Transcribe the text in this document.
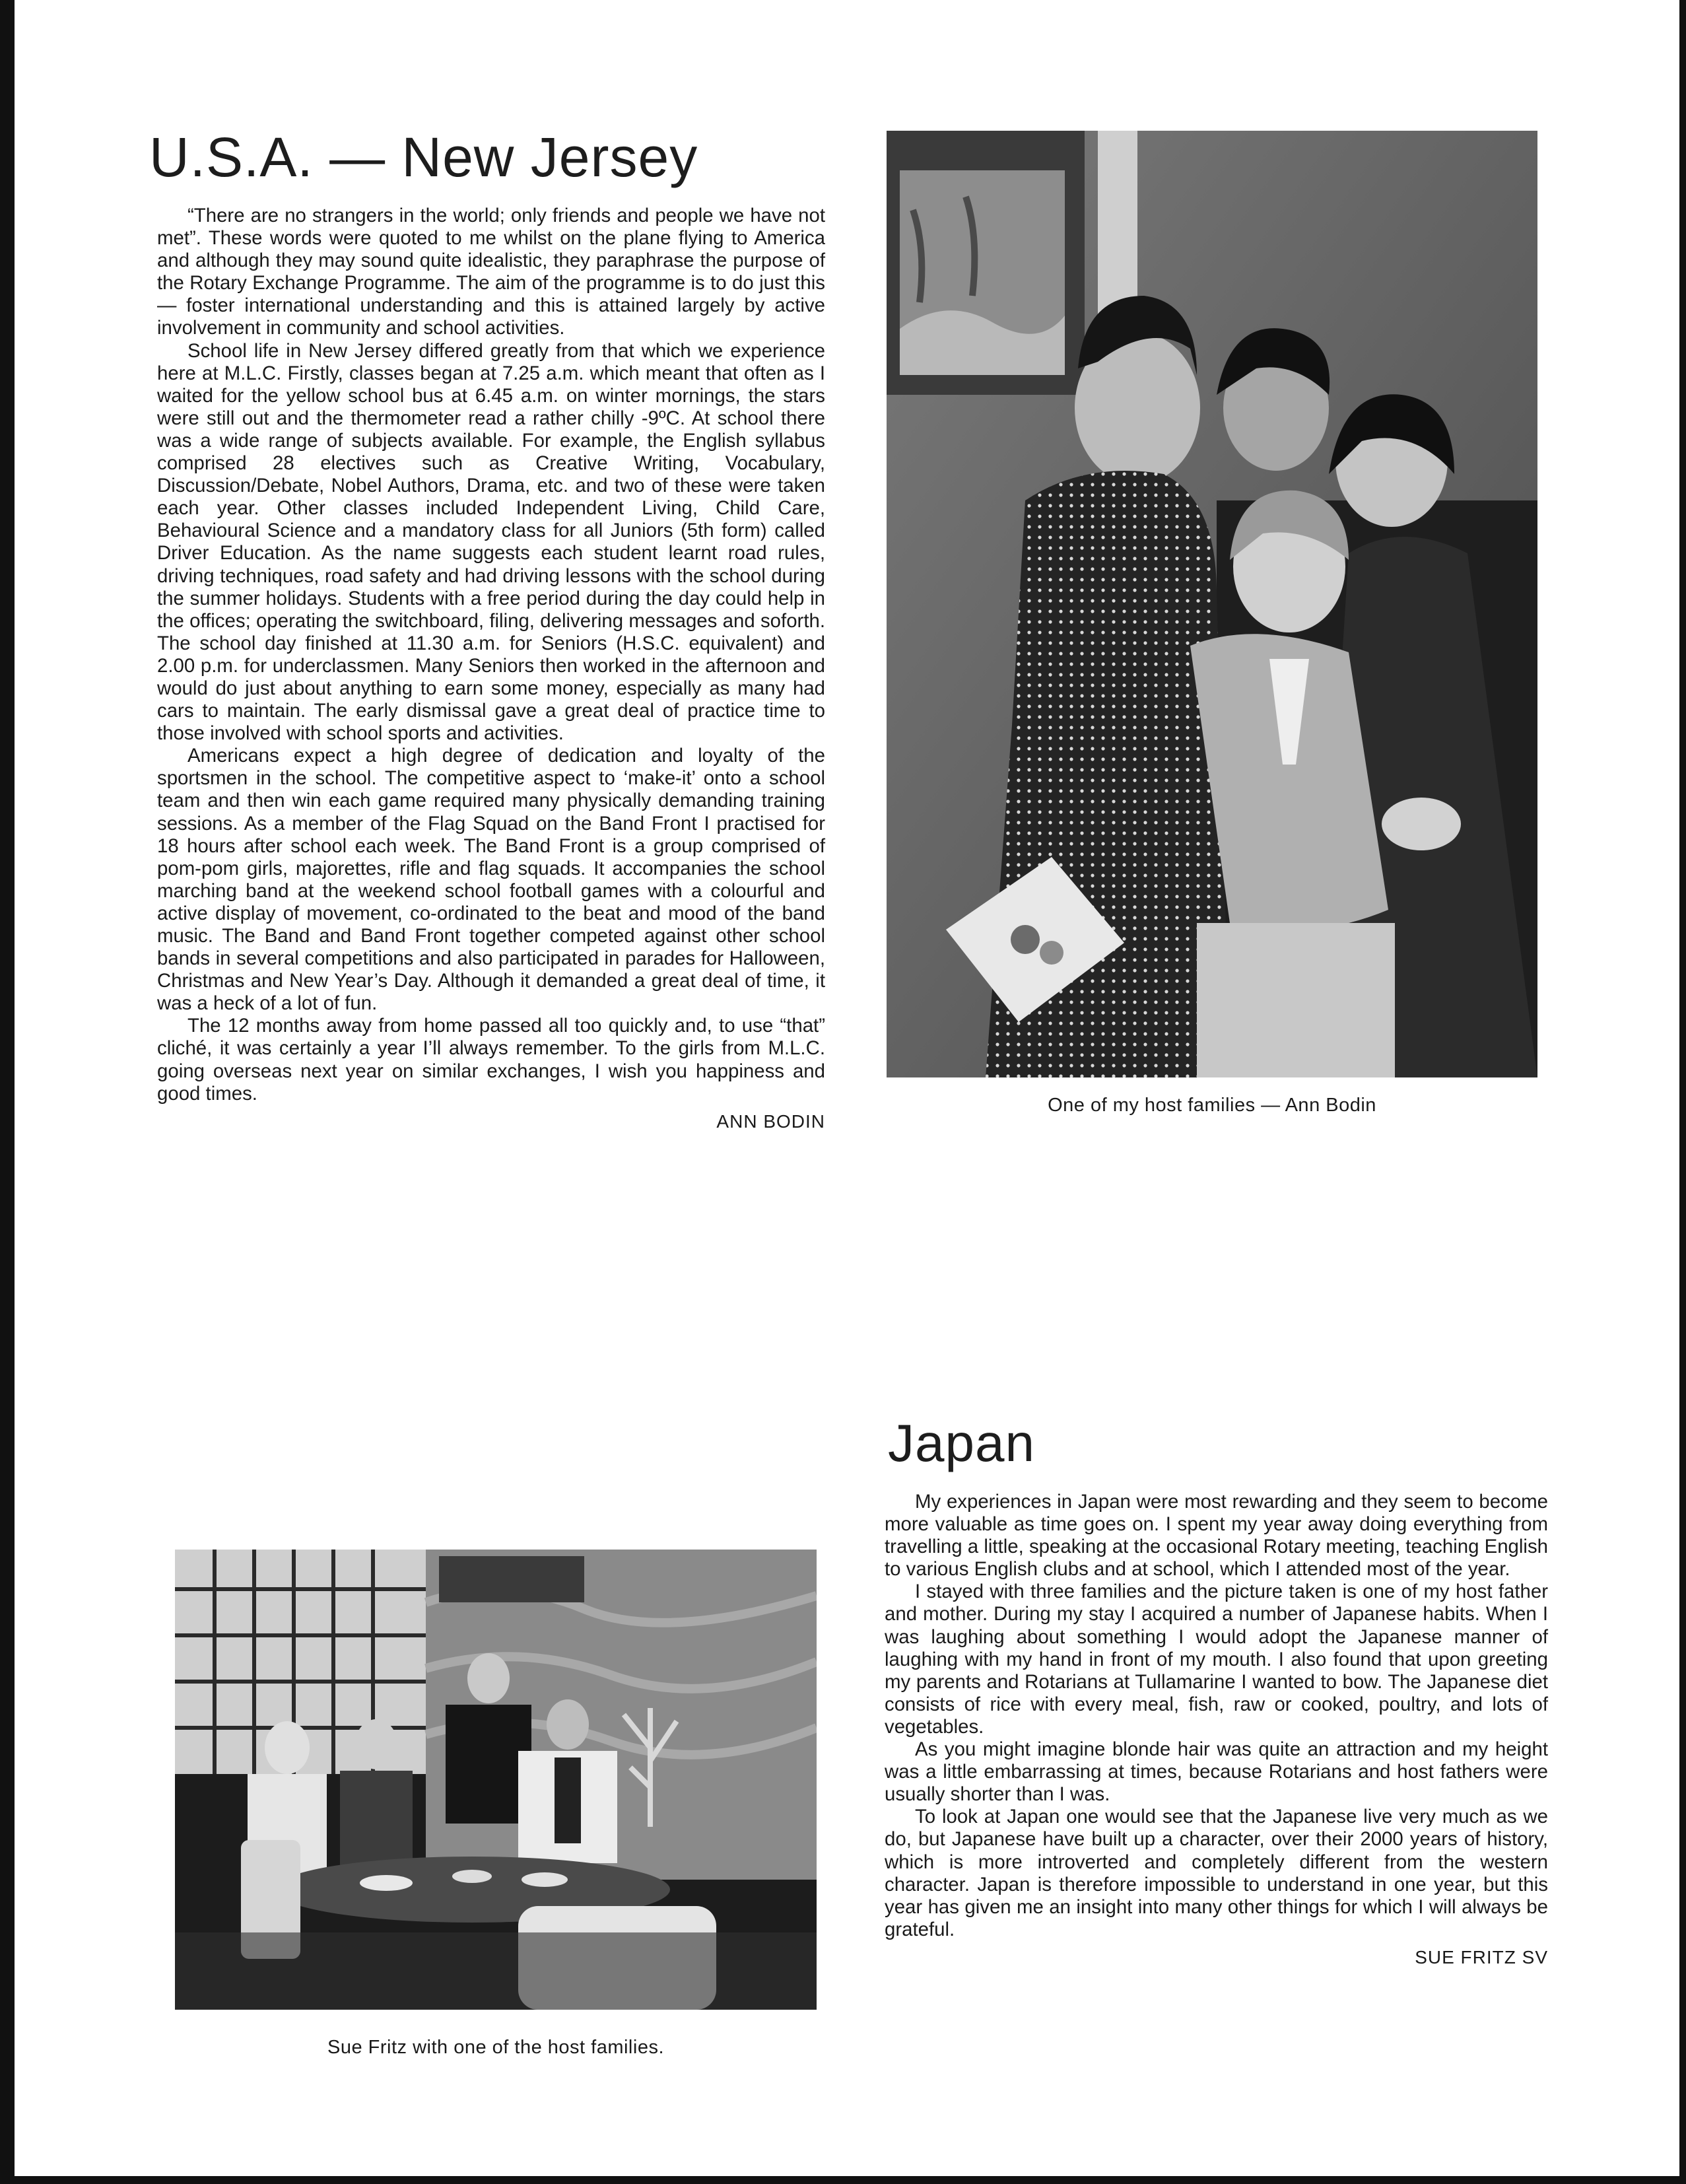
U.S.A. — New Jersey

“There are no strangers in the world; only friends and people we have not met”. These words were quoted to me whilst on the plane flying to America and although they may sound quite idealistic, they paraphrase the purpose of the Rotary Exchange Programme. The aim of the programme is to do just this — foster international understanding and this is attained largely by active involvement in community and school activities.

School life in New Jersey differed greatly from that which we experience here at M.L.C. Firstly, classes began at 7.25 a.m. which meant that often as I waited for the yellow school bus at 6.45 a.m. on winter mornings, the stars were still out and the thermometer read a rather chilly -9ºC. At school there was a wide range of subjects available. For example, the English syllabus comprised 28 electives such as Creative Writing, Vocabulary, Discussion/Debate, Nobel Authors, Drama, etc. and two of these were taken each year. Other classes included Independent Living, Child Care, Behavioural Science and a mandatory class for all Juniors (5th form) called Driver Education. As the name suggests each student learnt road rules, driving techniques, road safety and had driving lessons with the school during the summer holidays. Students with a free period during the day could help in the offices; operating the switchboard, filing, delivering messages and soforth. The school day finished at 11.30 a.m. for Seniors (H.S.C. equivalent) and 2.00 p.m. for underclassmen. Many Seniors then worked in the afternoon and would do just about anything to earn some money, especially as many had cars to maintain. The early dismissal gave a great deal of practice time to those involved with school sports and activities.

Americans expect a high degree of dedication and loyalty of the sportsmen in the school. The competitive aspect to ‘make-it’ onto a school team and then win each game required many physically demanding training sessions. As a member of the Flag Squad on the Band Front I practised for 18 hours after school each week. The Band Front is a group comprised of pom-pom girls, majorettes, rifle and flag squads. It accompanies the school marching band at the weekend school football games with a colourful and active display of movement, co-ordinated to the beat and mood of the band music. The Band and Band Front together competed against other school bands in several competitions and also participated in parades for Halloween, Christmas and New Year’s Day. Although it demanded a great deal of time, it was a heck of a lot of fun.

The 12 months away from home passed all too quickly and, to use “that” cliché, it was certainly a year I’ll always remember. To the girls from M.L.C. going overseas next year on similar exchanges, I wish you happiness and good times.

ANN BODIN

One of my host families — Ann Bodin

Japan

My experiences in Japan were most rewarding and they seem to become more valuable as time goes on. I spent my year away doing everything from travelling a little, speaking at the occasional Rotary meeting, teaching English to various English clubs and at school, which I attended most of the year.

I stayed with three families and the picture taken is one of my host father and mother. During my stay I acquired a number of Japanese habits. When I was laughing about something I would adopt the Japanese manner of laughing with my hand in front of my mouth. I also found that upon greeting my parents and Rotarians at Tullamarine I wanted to bow. The Japanese diet consists of rice with every meal, fish, raw or cooked, poultry, and lots of vegetables.

As you might imagine blonde hair was quite an attraction and my height was a little embarrassing at times, because Rotarians and host fathers were usually shorter than I was.

To look at Japan one would see that the Japanese live very much as we do, but Japanese have built up a character, over their 2000 years of history, which is more introverted and completely different from the western character. Japan is therefore impossible to understand in one year, but this year has given me an insight into many other things for which I will always be grateful.

SUE FRITZ SV

Sue Fritz with one of the host families.
